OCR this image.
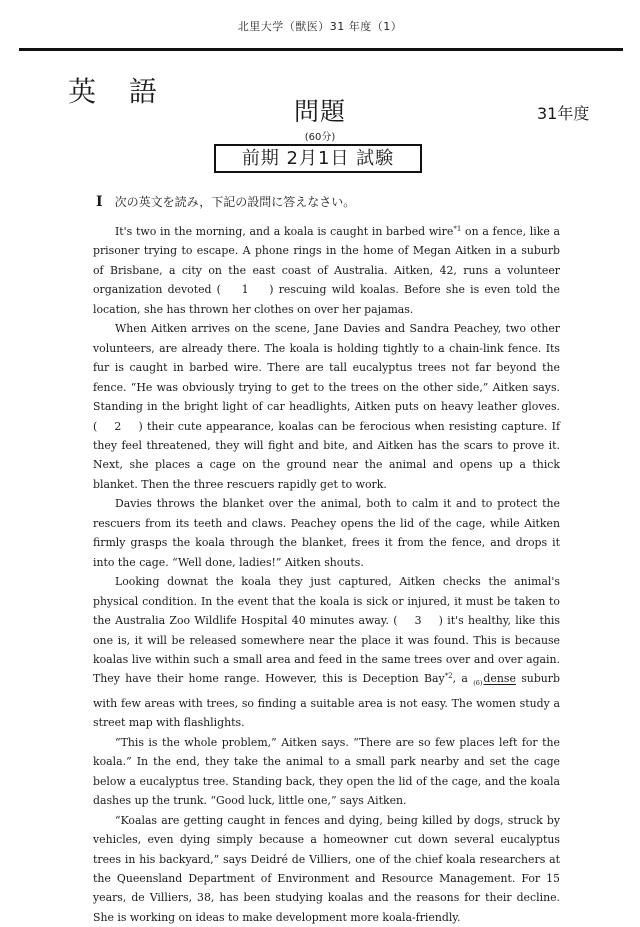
北里大学（獣医）31 年度（1）
英 語
問題	31年度
(60分)
前期 2月1日 試験
I 次の英文を読み，下記の設問に答えなさい。

It's two in the morning, and a koala is caught in barbed wire$^{*1}$ on a fence, like a prisoner trying to escape. A phone rings in the home of Megan Aitken in a suburb of Brisbane, a city on the east coast of Australia. Aitken, 42, runs a volunteer organization devoted (    1    ) rescuing wild koalas. Before she is even told the location, she has thrown her clothes on over her pajamas.

When Aitken arrives on the scene, Jane Davies and Sandra Peachey, two other volunteers, are already there. The koala is holding tightly to a chain-link fence. Its fur is caught in barbed wire. There are tall eucalyptus trees not far beyond the fence. “He was obviously trying to get to the trees on the other side,” Aitken says. Standing in the bright light of car headlights, Aitken puts on heavy leather gloves. (    2    ) their cute appearance, koalas can be ferocious when resisting capture. If they feel threatened, they will fight and bite, and Aitken has the scars to prove it. Next, she places a cage on the ground near the animal and opens up a thick blanket. Then the three rescuers rapidly get to work.

Davies throws the blanket over the animal, both to calm it and to protect the rescuers from its teeth and claws. Peachey opens the lid of the cage, while Aitken firmly grasps the koala through the blanket, frees it from the fence, and drops it into the cage. “Well done, ladies!” Aitken shouts.

Looking downat the koala they just captured, Aitken checks the animal's physical condition. In the event that the koala is sick or injured, it must be taken to the Australia Zoo Wildlife Hospital 40 minutes away. (    3    ) it's healthy, like this one is, it will be released somewhere near the place it was found. This is because koalas live within such a small area and feed in the same trees over and over again. They have their home range. However, this is Deception Bay$^{*2}$, a $_{(6)}$dense suburb with few areas with trees, so finding a suitable area is not easy. The women study a street map with flashlights.

“This is the whole problem,” Aitken says. “There are so few places left for the koala.” In the end, they take the animal to a small park nearby and set the cage below a eucalyptus tree. Standing back, they open the lid of the cage, and the koala dashes up the trunk. “Good luck, little one,” says Aitken.

“Koalas are getting caught in fences and dying, being killed by dogs, struck by vehicles, even dying simply because a homeowner cut down several eucalyptus trees in his backyard,” says Deidré de Villiers, one of the chief koala researchers at the Queensland Department of Environment and Resource Management. For 15 years, de Villiers, 38, has been studying koalas and the reasons for their decline. She is working on ideas to make development more koala-friendly.
